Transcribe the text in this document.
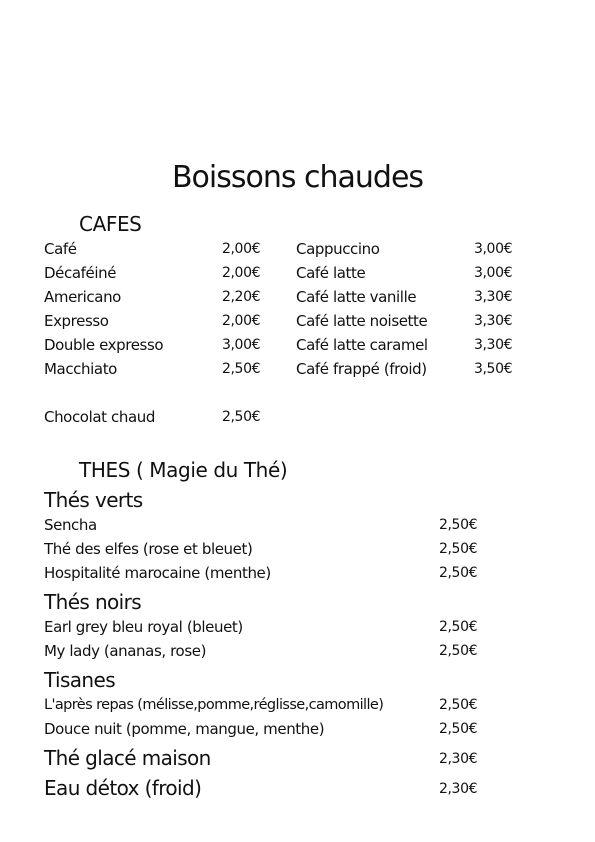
Boissons chaudes
CAFES
Café	2,00€
Décaféiné	2,00€
Americano	2,20€
Expresso	2,00€
Double expresso	3,00€
Macchiato	2,50€
Cappuccino	3,00€
Café latte	3,00€
Café latte vanille	3,30€
Café latte noisette	3,30€
Café latte caramel	3,30€
Café frappé (froid)	3,50€
Chocolat chaud	2,50€
THES ( Magie du Thé)
Thés verts
Sencha	2,50€
Thé des elfes (rose et bleuet)	2,50€
Hospitalité marocaine (menthe)	2,50€
Thés noirs
Earl grey bleu royal (bleuet)	2,50€
My lady (ananas, rose)	2,50€
Tisanes
L'après repas (mélisse,pomme,réglisse,camomille)	2,50€
Douce nuit (pomme, mangue, menthe)	2,50€
Thé glacé maison	2,30€
Eau détox (froid)	2,30€
